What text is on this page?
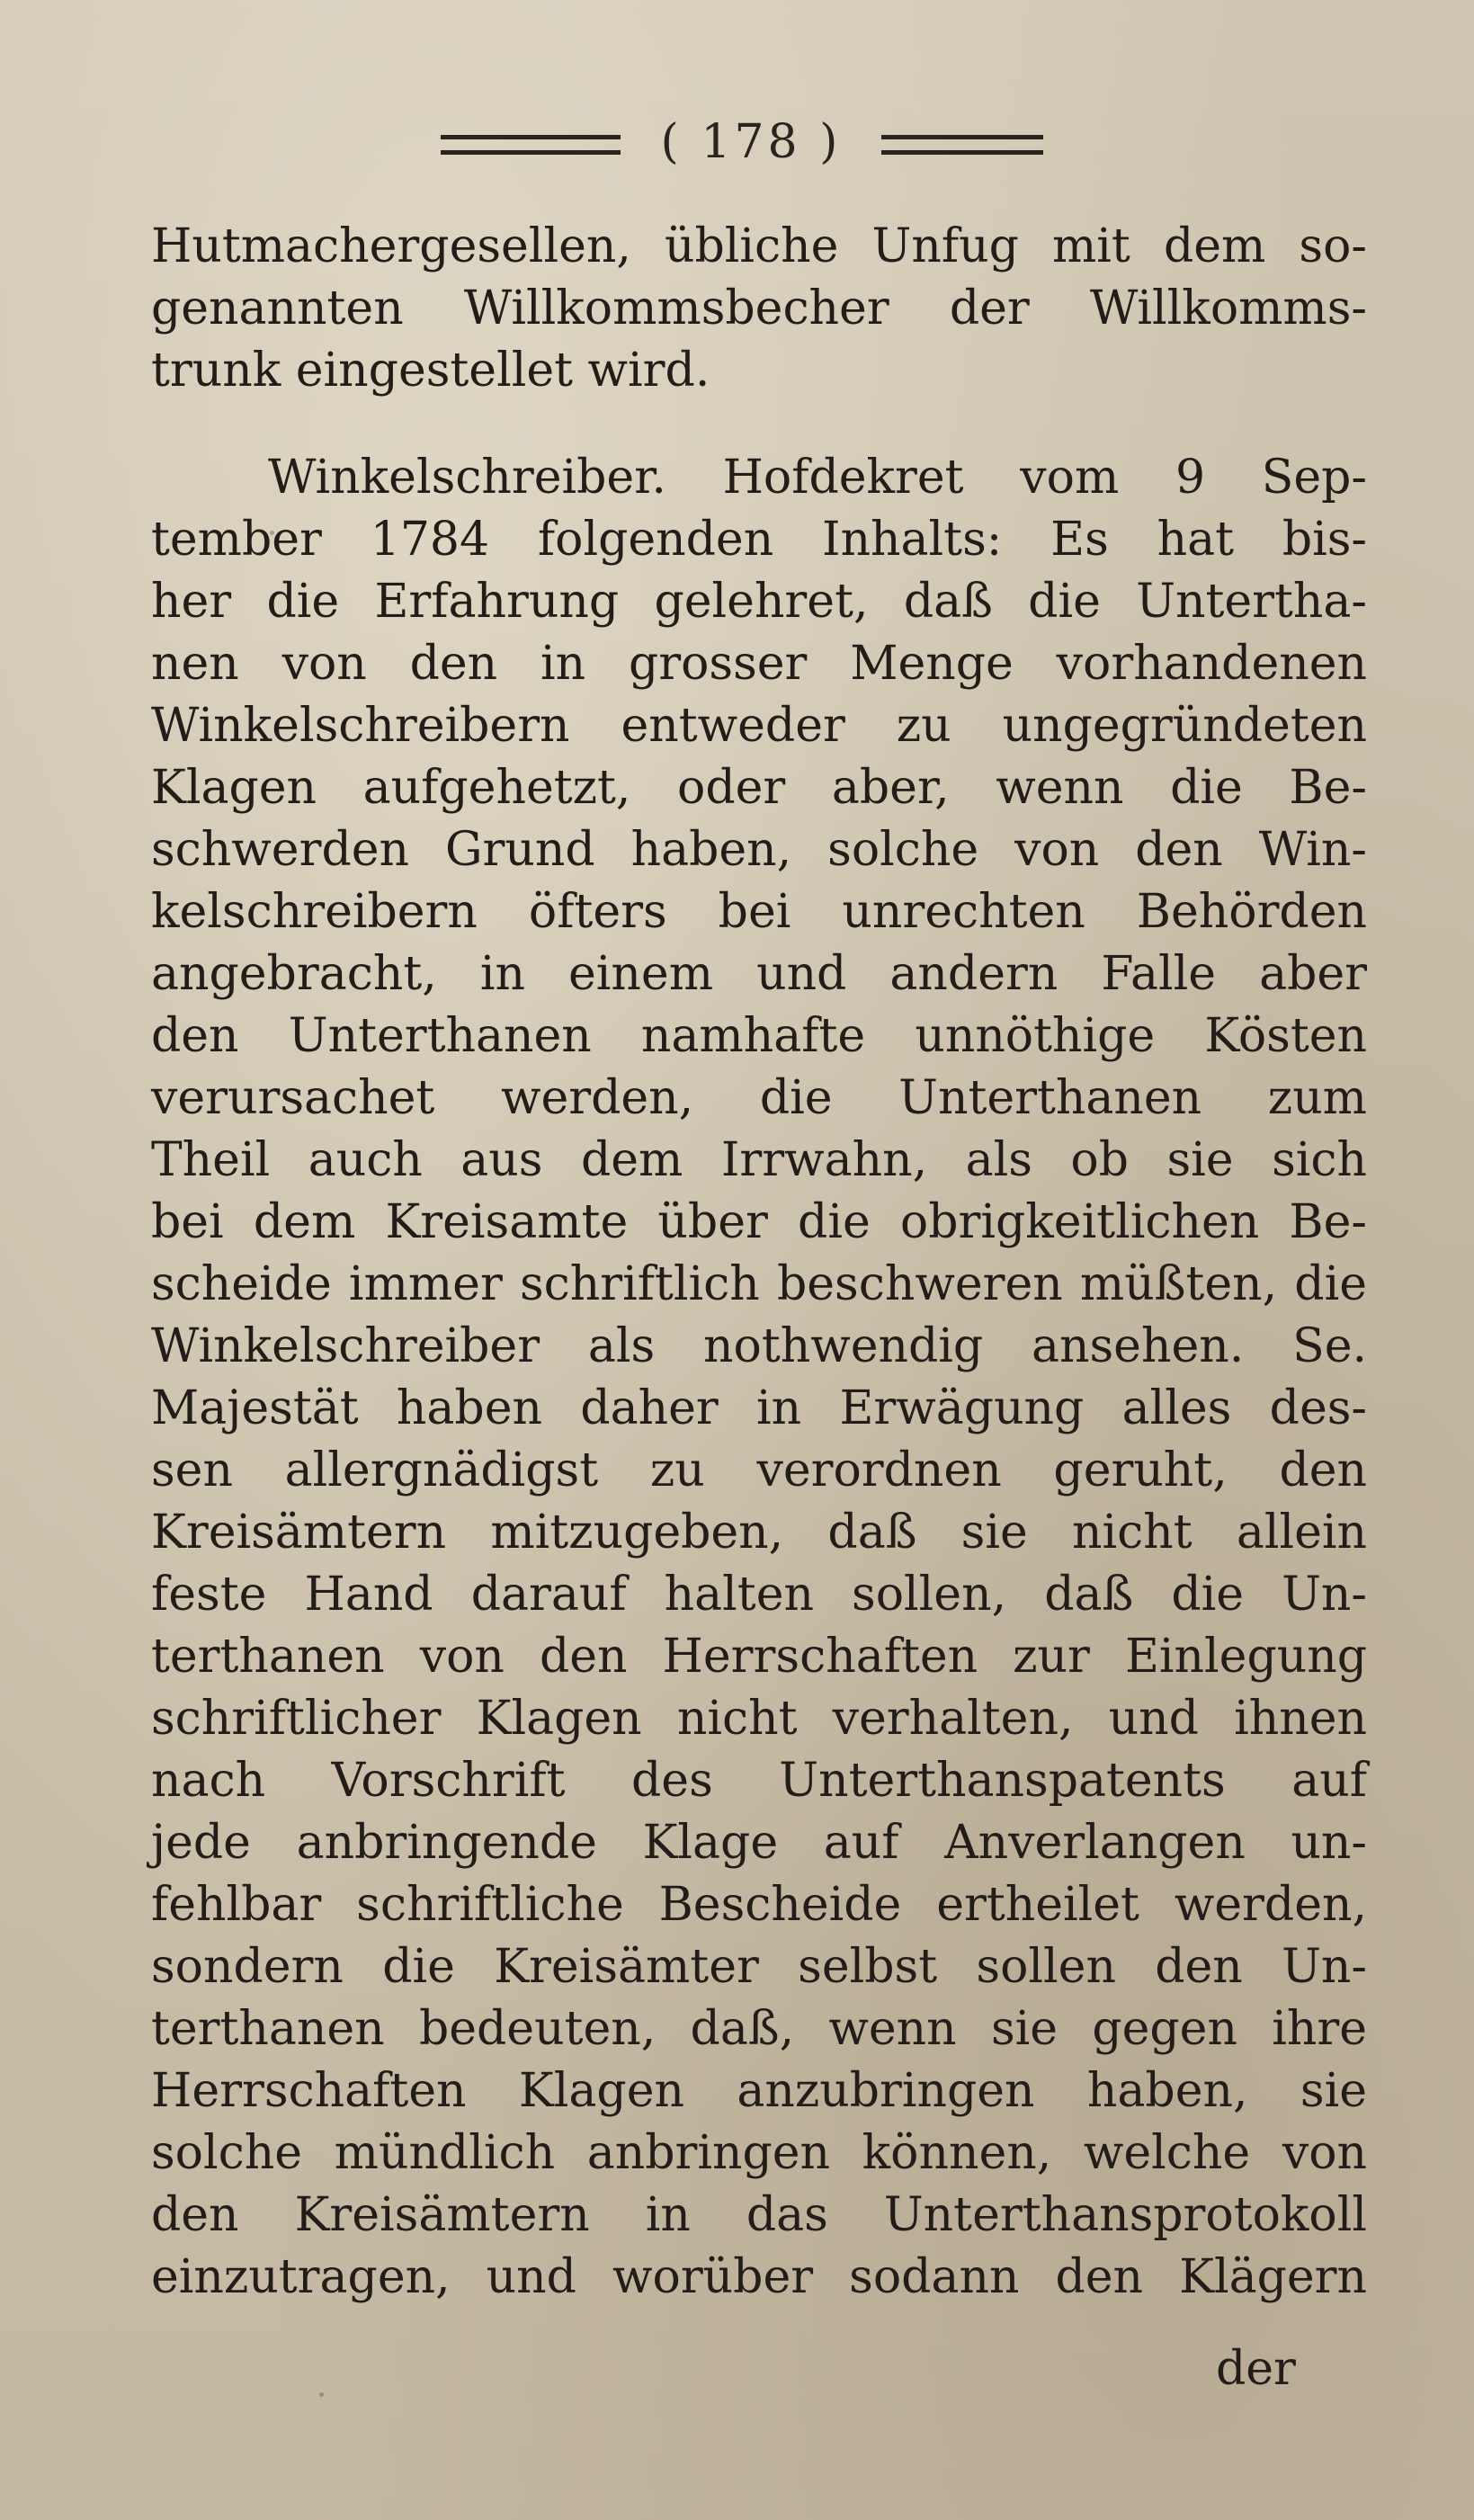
( 178 )
Hutmachergesellen, übliche Unfug mit dem so-
genannten Willkommsbecher der Willkomms-
trunk eingestellet wird.
Winkelschreiber. Hofdekret vom 9 Sep-
tember 1784 folgenden Inhalts: Es hat bis-
her die Erfahrung gelehret, daß die Untertha-
nen von den in grosser Menge vorhandenen
Winkelschreibern entweder zu ungegründeten
Klagen aufgehetzt, oder aber, wenn die Be-
schwerden Grund haben, solche von den Win-
kelschreibern öfters bei unrechten Behörden
angebracht, in einem und andern Falle aber
den Unterthanen namhafte unnöthige Kösten
verursachet werden, die Unterthanen zum
Theil auch aus dem Irrwahn, als ob sie sich
bei dem Kreisamte über die obrigkeitlichen Be-
scheide immer schriftlich beschweren müßten, die
Winkelschreiber als nothwendig ansehen. Se.
Majestät haben daher in Erwägung alles des-
sen allergnädigst zu verordnen geruht, den
Kreisämtern mitzugeben, daß sie nicht allein
feste Hand darauf halten sollen, daß die Un-
terthanen von den Herrschaften zur Einlegung
schriftlicher Klagen nicht verhalten, und ihnen
nach Vorschrift des Unterthanspatents auf
jede anbringende Klage auf Anverlangen un-
fehlbar schriftliche Bescheide ertheilet werden,
sondern die Kreisämter selbst sollen den Un-
terthanen bedeuten, daß, wenn sie gegen ihre
Herrschaften Klagen anzubringen haben, sie
solche mündlich anbringen können, welche von
den Kreisämtern in das Unterthansprotokoll
einzutragen, und worüber sodann den Klägern
der
